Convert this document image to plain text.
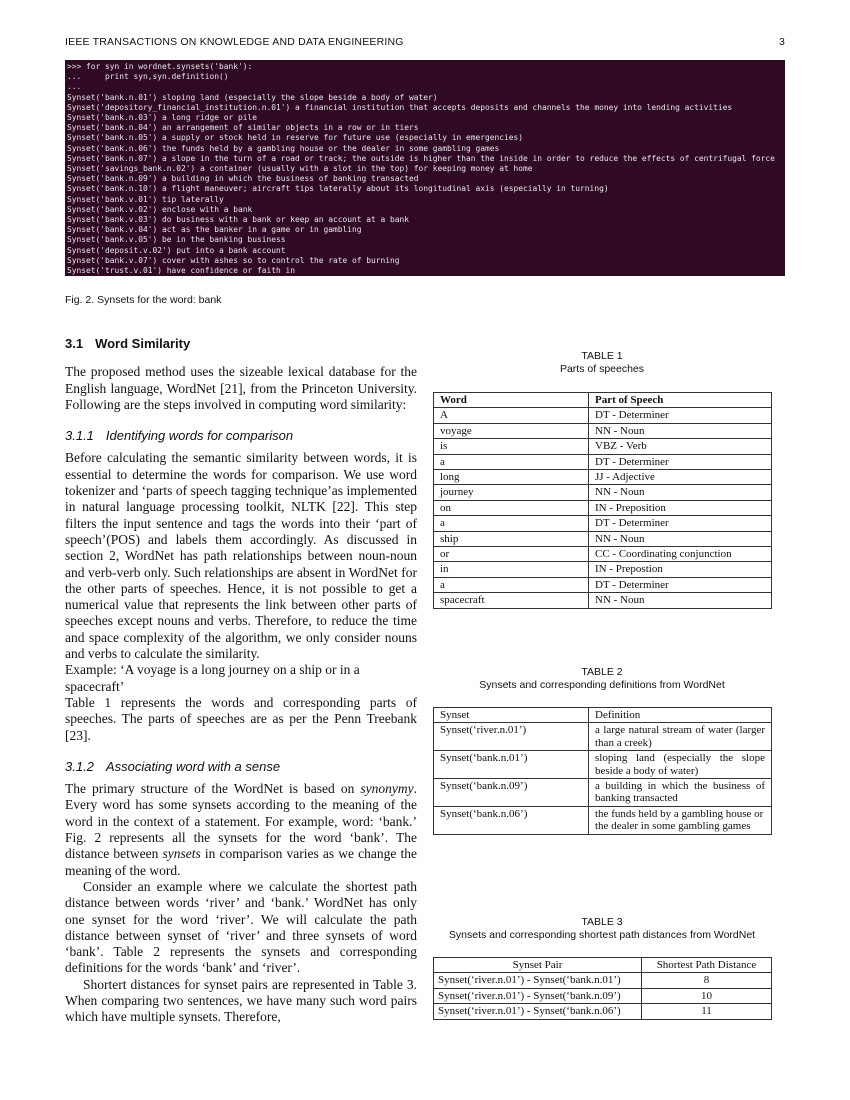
IEEE TRANSACTIONS ON KNOWLEDGE AND DATA ENGINEERING	3
>>> for syn in wordnet.synsets('bank'):
...     print syn,syn.definition()
...
Synset('bank.n.01') sloping land (especially the slope beside a body of water)
Synset('depository_financial_institution.n.01') a financial institution that accepts deposits and channels the money into lending activities
Synset('bank.n.03') a long ridge or pile
Synset('bank.n.04') an arrangement of similar objects in a row or in tiers
Synset('bank.n.05') a supply or stock held in reserve for future use (especially in emergencies)
Synset('bank.n.06') the funds held by a gambling house or the dealer in some gambling games
Synset('bank.n.07') a slope in the turn of a road or track; the outside is higher than the inside in order to reduce the effects of centrifugal force
Synset('savings_bank.n.02') a container (usually with a slot in the top) for keeping money at home
Synset('bank.n.09') a building in which the business of banking transacted
Synset('bank.n.10') a flight maneuver; aircraft tips laterally about its longitudinal axis (especially in turning)
Synset('bank.v.01') tip laterally
Synset('bank.v.02') enclose with a bank
Synset('bank.v.03') do business with a bank or keep an account at a bank
Synset('bank.v.04') act as the banker in a game or in gambling
Synset('bank.v.05') be in the banking business
Synset('deposit.v.02') put into a bank account
Synset('bank.v.07') cover with ashes so to control the rate of burning
Synset('trust.v.01') have confidence or faith in
Fig. 2. Synsets for the word: bank
3.1 Word Similarity

The proposed method uses the sizeable lexical database for the English language, WordNet [21], from the Princeton University. Following are the steps involved in computing word similarity:

3.1.1 Identifying words for comparison

Before calculating the semantic similarity between words, it is essential to determine the words for comparison. We use word tokenizer and ‘parts of speech tagging technique’as implemented in natural language processing toolkit, NLTK [22]. This step filters the input sentence and tags the words into their ‘part of speech’(POS) and labels them accordingly. As discussed in section 2, WordNet has path relationships between noun-noun and verb-verb only. Such relationships are absent in WordNet for the other parts of speeches. Hence, it is not possible to get a numerical value that represents the link between other parts of speeches except nouns and verbs. Therefore, to reduce the time and space complexity of the algorithm, we only consider nouns and verbs to calculate the similarity.

Example: ‘A voyage is a long journey on a ship or in a spacecraft’

Table 1 represents the words and corresponding parts of speeches. The parts of speeches are as per the Penn Treebank [23].

3.1.2 Associating word with a sense

The primary structure of the WordNet is based on synonymy. Every word has some synsets according to the meaning of the word in the context of a statement. For example, word: ‘bank.’ Fig. 2 represents all the synsets for the word ‘bank’. The distance between synsets in comparison varies as we change the meaning of the word.

Consider an example where we calculate the shortest path distance between words ‘river’ and ‘bank.’ WordNet has only one synset for the word ‘river’. We will calculate the path distance between synset of ‘river’ and three synsets of word ‘bank’. Table 2 represents the synsets and corresponding definitions for the words ‘bank’ and ‘river’.

Shortert distances for synset pairs are represented in Table 3. When comparing two sentences, we have many such word pairs which have multiple synsets. Therefore,

TABLE 1
Parts of speeches
Word	Part of Speech
A	DT - Determiner
voyage	NN - Noun
is	VBZ - Verb
a	DT - Determiner
long	JJ - Adjective
journey	NN - Noun
on	IN - Preposition
a	DT - Determiner
ship	NN - Noun
or	CC - Coordinating conjunction
in	IN - Prepostion
a	DT - Determiner
spacecraft	NN - Noun
TABLE 2
Synsets and corresponding definitions from WordNet
Synset	Definition
Synset(‘river.n.01’)	a large natural stream of water (larger than a creek)
Synset(‘bank.n.01’)	sloping land (especially the slope beside a body of water)
Synset(‘bank.n.09’)	a building in which the business of banking transacted
Synset(‘bank.n.06’)	the funds held by a gambling house or the dealer in some gambling games
TABLE 3
Synsets and corresponding shortest path distances from WordNet
Synset Pair	Shortest Path Distance
Synset(‘river.n.01’) - Synset(‘bank.n.01’)	8
Synset(‘river.n.01’) - Synset(‘bank.n.09’)	10
Synset(‘river.n.01’) - Synset(‘bank.n.06’)	11
